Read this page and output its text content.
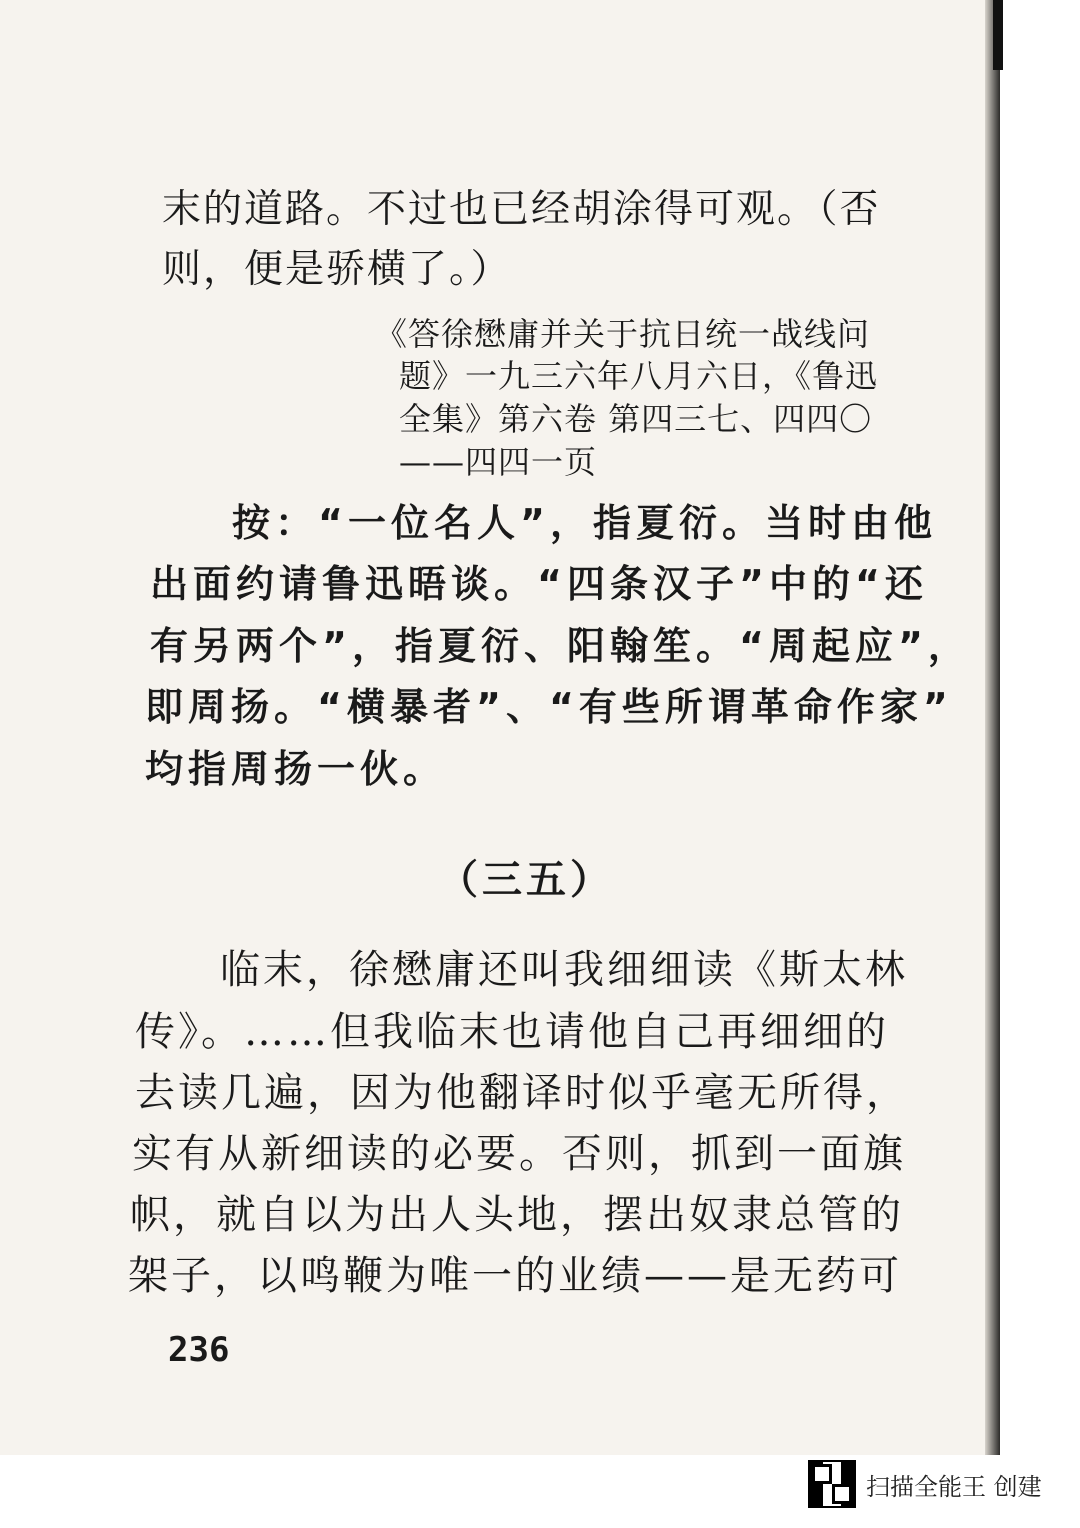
末的道路。不过也已经胡涂得可观。（否
则，便是骄横了。）
《答徐懋庸并关于抗日统一战线问
题》一九三六年八月六日，《鲁迅
全集》第六卷 第四三七、四四〇
——四四一页
按：“一位名人”，指夏衍。当时由他
出面约请鲁迅晤谈。“四条汉子”中的“还
有另两个”，指夏衍、阳翰笙。“周起应”，
即周扬。“横暴者”、“有些所谓革命作家”
均指周扬一伙。
（三五）
临末，徐懋庸还叫我细细读《斯太林
传》。……但我临末也请他自己再细细的
去读几遍，因为他翻译时似乎毫无所得，
实有从新细读的必要。否则，抓到一面旗
帜，就自以为出人头地，摆出奴隶总管的
架子，以鸣鞭为唯一的业绩——是无药可
236
扫描全能王 创建
